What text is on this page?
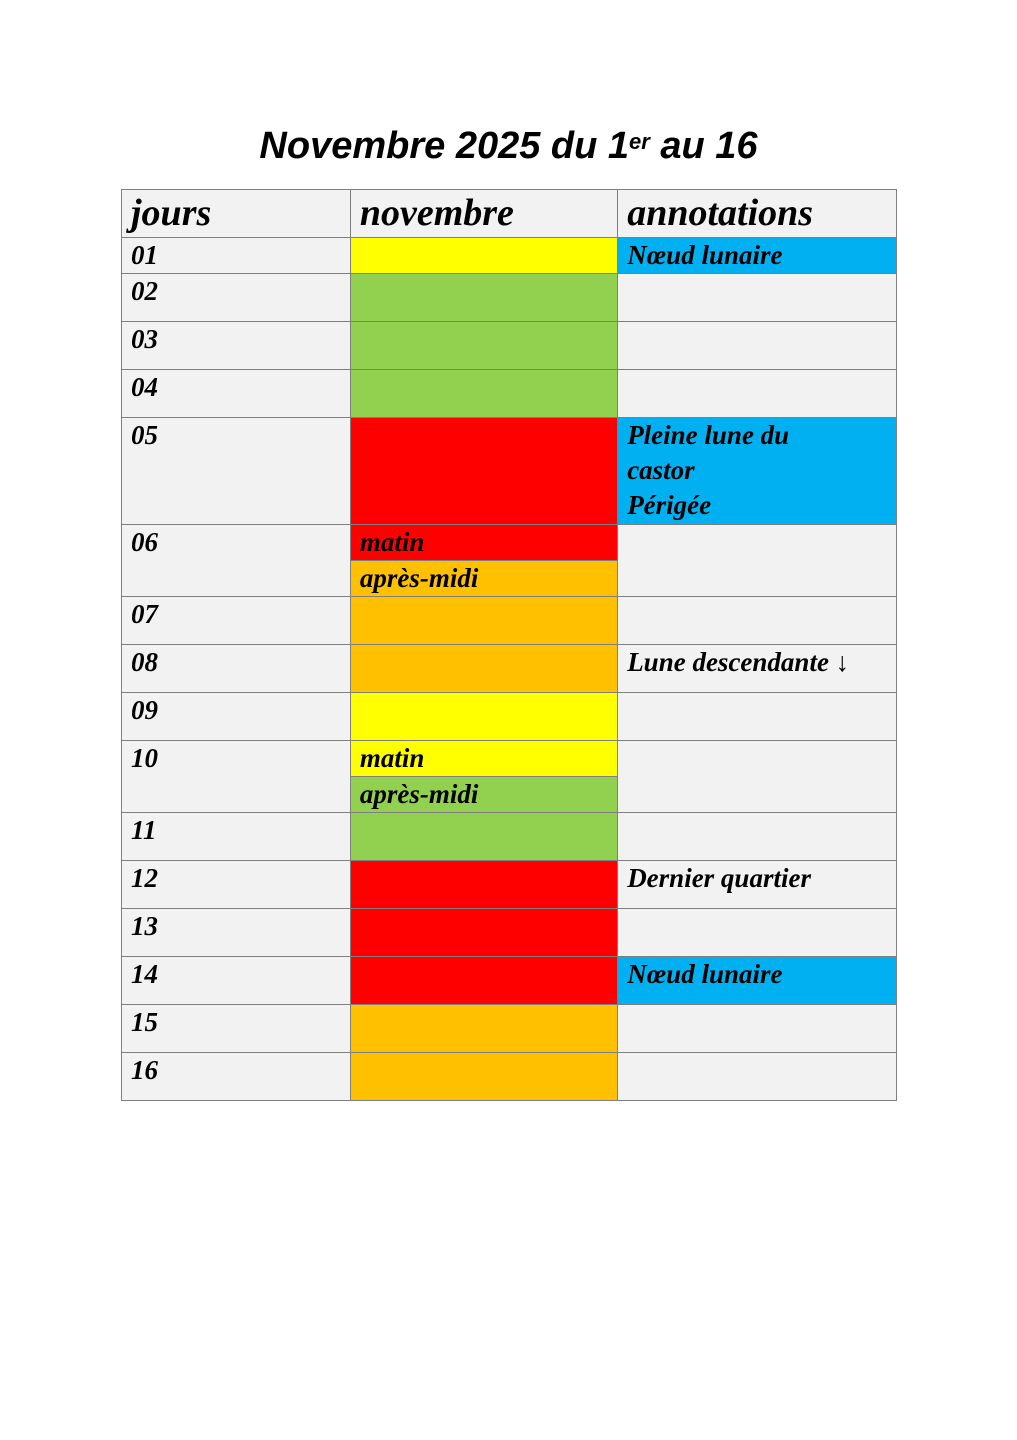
Novembre 2025 du 1er au 16
jours	novembre	annotations
01		Nœud lunaire
02		
03		
04		
05		Pleine lune du
castor
Périgée

06	matin	
	après-midi	
07		
08		Lune descendante ↓
09		
10	matin	
	après-midi	
11		
12		Dernier quartier
13		
14		Nœud lunaire
15		
16		
